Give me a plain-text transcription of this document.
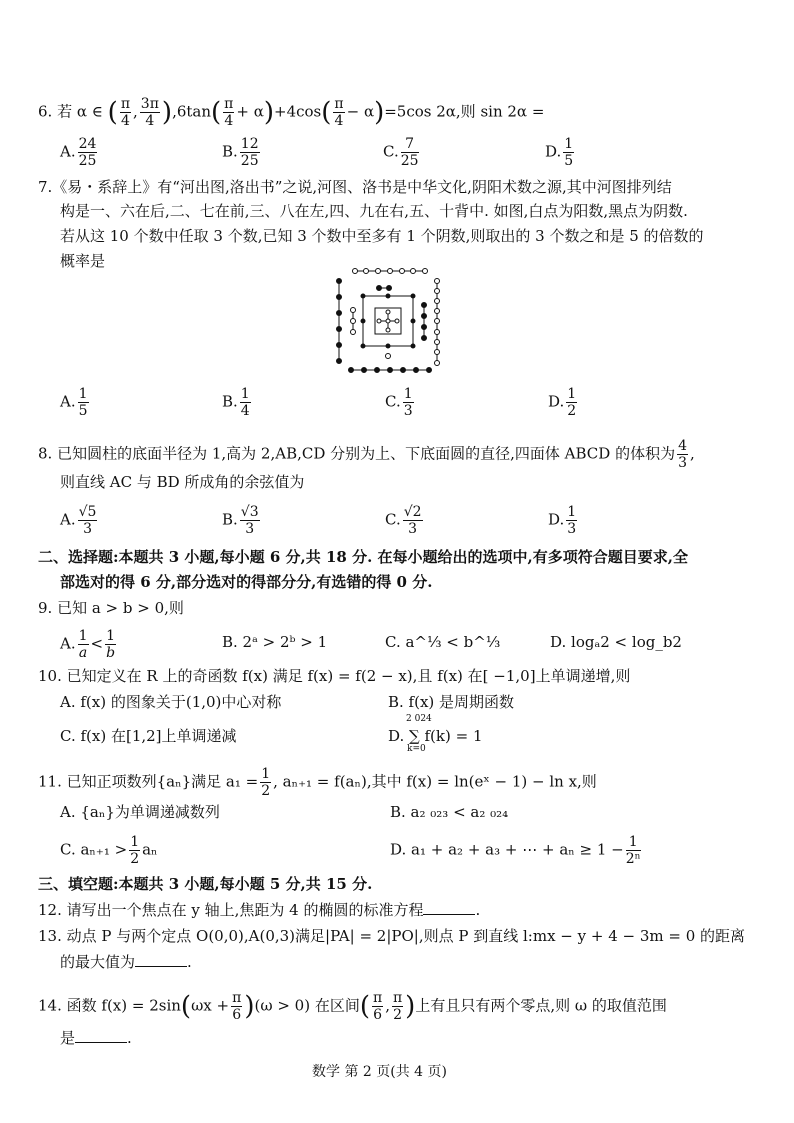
6. 若 α ∈ ( $\frac{\pi}{4}$ , $\frac{3\pi}{4} ),6\tan( \frac{\pi}{4} + \alpha)+4\cos( \frac{\pi}{4} - \alpha)=5\cos$ 2α,则 sin 2α =
A. $\frac{24}{25}$	B. $\frac{12}{25}$	C. $\frac{7}{25}$	D. $\frac{1}{5}$
7.《易・系辞上》有“河出图,洛出书”之说,河图、洛书是中华文化,阴阳术数之源,其中河图排列结
构是一、六在后,二、七在前,三、八在左,四、九在右,五、十背中. 如图,白点为阳数,黑点为阴数.
若从这 10 个数中任取 3 个数,已知 3 个数中至多有 1 个阴数,则取出的 3 个数之和是 5 的倍数的
概率是
A. $\frac{1}{5}$	B. $\frac{1}{4}$	C. $\frac{1}{3}$	D. $\frac{1}{2}$
8. 已知圆柱的底面半径为 1,高为 2,AB,CD 分别为上、下底面圆的直径,四面体 ABCD 的体积为 $\frac{4}{3}$ ,
则直线 AC 与 BD 所成角的余弦值为
A. $\frac{√5}{3}$	B. $\frac{√3}{3}$	C. $\frac{√2}{3}$	D. $\frac{1}{3}$
二、选择题:本题共 3 小题,每小题 6 分,共 18 分. 在每小题给出的选项中,有多项符合题目要求,全
部选对的得 6 分,部分选对的得部分分,有选错的得 0 分.
9. 已知 a > b > 0,则
A. $\frac{1}{a} < \frac{1}{b}$	B. 2ᵃ > 2ᵇ > 1	C. a^⅓ < b^⅓	D. logₐ2 < log_b2
10. 已知定义在 R 上的奇函数 f(x) 满足 f(x) = f(2 − x),且 f(x) 在[ −1,0]上单调递增,则
A. f(x) 的图象关于(1,0)中心对称	B. f(x) 是周期函数
C. f(x) 在[1,2]上单调递减	D. ∑ f(k) = 1
2 024
k=0
11. 已知正项数列{aₙ}满足 $a_1 = \frac{1}{2}$ , aₙ₊₁ = f(aₙ),其中 f(x) = ln(eˣ − 1) − ln x,则
A. {aₙ}为单调递减数列	B. a₂ ₀₂₃ < a₂ ₀₂₄
C. $a_{n+1} > \frac{1}{2}$ aₙ	D. a₁ + a₂ + a₃ + ⋯ + $a_n \ge 1 - \frac{1}{\text{2ⁿ}}$
三、填空题:本题共 3 小题,每小题 5 分,共 15 分.
12. 请写出一个焦点在 y 轴上,焦距为 4 的椭圆的标准方程	.
13. 动点 P 与两个定点 O(0,0),A(0,3)满足|PA| = 2|PO|,则点 P 到直线 l:mx − y + 4 − 3m = 0 的距离
的最大值为	.
14. 函数 $f(x) = 2\sin(\omega x + \frac{\pi}{6} )(\omega > 0)$ 在区间( $\frac{\pi}{6}$ , $\frac{\pi}{2}$ )上有且只有两个零点,则 ω 的取值范围
是	.
数学 第 2 页(共 4 页)
